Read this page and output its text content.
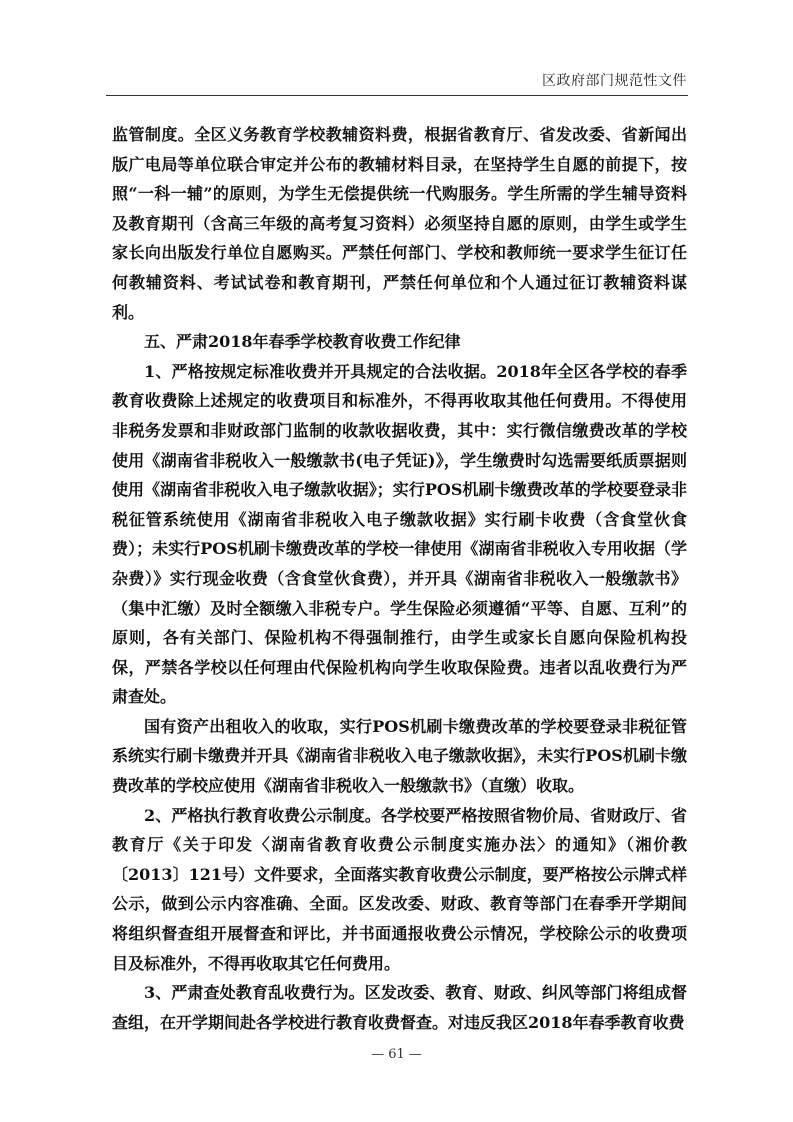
区政府部门规范性文件

监管制度。全区义务教育学校教辅资料费，根据省教育厅、省发改委、省新闻出版广电局等单位联合审定并公布的教辅材料目录，在坚持学生自愿的前提下，按照“一科一辅”的原则，为学生无偿提供统一代购服务。学生所需的学生辅导资料及教育期刊（含高三年级的高考复习资料）必须坚持自愿的原则，由学生或学生家长向出版发行单位自愿购买。严禁任何部门、学校和教师统一要求学生征订任何教辅资料、考试试卷和教育期刊，严禁任何单位和个人通过征订教辅资料谋利。

五、严肃2018年春季学校教育收费工作纪律

1、严格按规定标准收费并开具规定的合法收据。2018年全区各学校的春季教育收费除上述规定的收费项目和标准外，不得再收取其他任何费用。不得使用非税务发票和非财政部门监制的收款收据收费，其中：实行微信缴费改革的学校使用《湖南省非税收入一般缴款书(电子凭证)》，学生缴费时勾选需要纸质票据则使用《湖南省非税收入电子缴款收据》；实行POS机刷卡缴费改革的学校要登录非税征管系统使用《湖南省非税收入电子缴款收据》实行刷卡收费（含食堂伙食费）；未实行POS机刷卡缴费改革的学校一律使用《湖南省非税收入专用收据（学杂费）》实行现金收费（含食堂伙食费），并开具《湖南省非税收入一般缴款书》（集中汇缴）及时全额缴入非税专户。学生保险必须遵循“平等、自愿、互利”的原则，各有关部门、保险机构不得强制推行，由学生或家长自愿向保险机构投保，严禁各学校以任何理由代保险机构向学生收取保险费。违者以乱收费行为严肃查处。

国有资产出租收入的收取，实行POS机刷卡缴费改革的学校要登录非税征管系统实行刷卡缴费并开具《湖南省非税收入电子缴款收据》，未实行POS机刷卡缴费改革的学校应使用《湖南省非税收入一般缴款书》（直缴）收取。

2、严格执行教育收费公示制度。各学校要严格按照省物价局、省财政厅、省教育厅《关于印发〈湖南省教育收费公示制度实施办法〉的通知》（湘价教〔2013〕121号）文件要求，全面落实教育收费公示制度，要严格按公示牌式样公示，做到公示内容准确、全面。区发改委、财政、教育等部门在春季开学期间将组织督查组开展督查和评比，并书面通报收费公示情况，学校除公示的收费项目及标准外，不得再收取其它任何费用。

3、严肃查处教育乱收费行为。区发改委、教育、财政、纠风等部门将组成督查组，在开学期间赴各学校进行教育收费督查。对违反我区2018年春季教育收费

— 61 —
